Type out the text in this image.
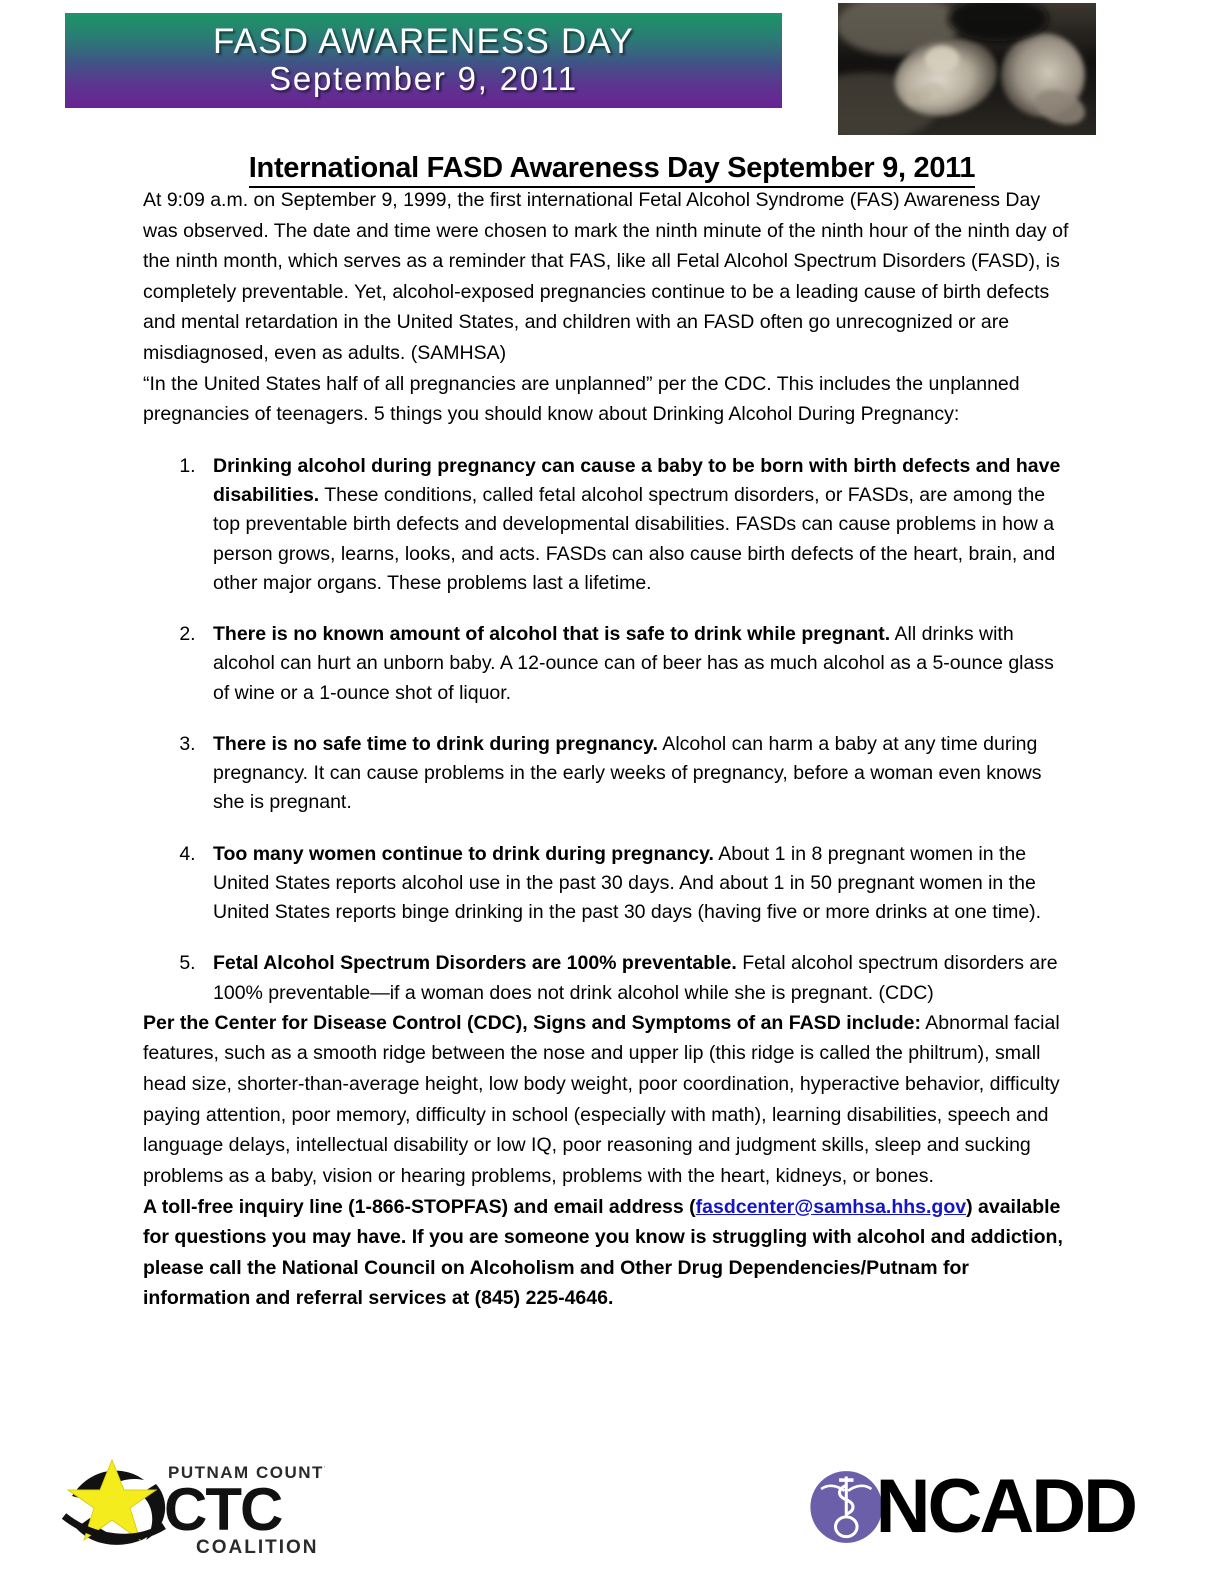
FASD AWARENESS DAY
September 9, 2011
International FASD Awareness Day September 9, 2011

At 9:09 a.m. on September 9, 1999, the first international Fetal Alcohol Syndrome (FAS) Awareness Day was observed. The date and time were chosen to mark the ninth minute of the ninth hour of the ninth day of the ninth month, which serves as a reminder that FAS, like all Fetal Alcohol Spectrum Disorders (FASD), is completely preventable. Yet, alcohol-exposed pregnancies continue to be a leading cause of birth defects and mental retardation in the United States, and children with an FASD often go unrecognized or are misdiagnosed, even as adults. (SAMHSA)

“In the United States half of all pregnancies are unplanned” per the CDC. This includes the unplanned pregnancies of teenagers. 5 things you should know about Drinking Alcohol During Pregnancy:

1. Drinking alcohol during pregnancy can cause a baby to be born with birth defects and have disabilities. These conditions, called fetal alcohol spectrum disorders, or FASDs, are among the top preventable birth defects and developmental disabilities. FASDs can cause problems in how a person grows, learns, looks, and acts. FASDs can also cause birth defects of the heart, brain, and other major organs. These problems last a lifetime.
2. There is no known amount of alcohol that is safe to drink while pregnant. All drinks with alcohol can hurt an unborn baby. A 12-ounce can of beer has as much alcohol as a 5-ounce glass of wine or a 1-ounce shot of liquor.
3. There is no safe time to drink during pregnancy. Alcohol can harm a baby at any time during pregnancy. It can cause problems in the early weeks of pregnancy, before a woman even knows she is pregnant.
4. Too many women continue to drink during pregnancy. About 1 in 8 pregnant women in the United States reports alcohol use in the past 30 days. And about 1 in 50 pregnant women in the United States reports binge drinking in the past 30 days (having five or more drinks at one time).
5. Fetal Alcohol Spectrum Disorders are 100% preventable. Fetal alcohol spectrum disorders are 100% preventable—if a woman does not drink alcohol while she is pregnant. (CDC)

Per the Center for Disease Control (CDC), Signs and Symptoms of an FASD include: Abnormal facial features, such as a smooth ridge between the nose and upper lip (this ridge is called the philtrum), small head size, shorter-than-average height, low body weight, poor coordination, hyperactive behavior, difficulty paying attention, poor memory, difficulty in school (especially with math), learning disabilities, speech and language delays, intellectual disability or low IQ, poor reasoning and judgment skills, sleep and sucking problems as a baby, vision or hearing problems, problems with the heart, kidneys, or bones.

A toll-free inquiry line (1-866-STOPFAS) and email address (fasdcenter@samhsa.hhs.gov) available for questions you may have. If you are someone you know is struggling with alcohol and addiction, please call the National Council on Alcoholism and Other Drug Dependencies/Putnam for information and referral services at (845) 225-4646.

PUTNAM COUNTY
CTC
COALITION	NCADD
